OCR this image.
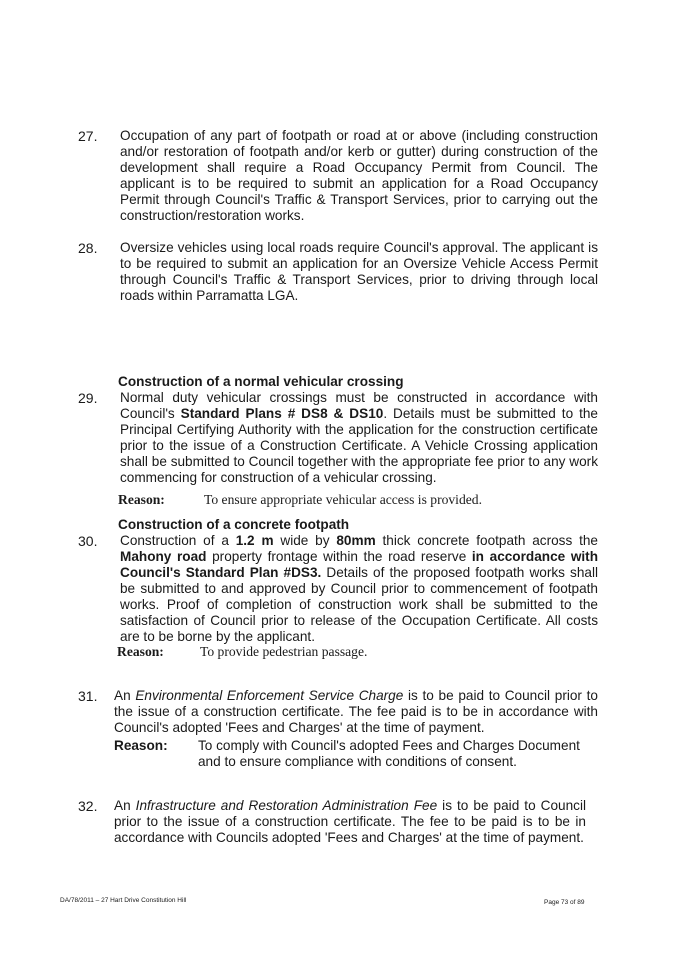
27. Occupation of any part of footpath or road at or above (including construction and/or restoration of footpath and/or kerb or gutter) during construction of the development shall require a Road Occupancy Permit from Council. The applicant is to be required to submit an application for a Road Occupancy Permit through Council's Traffic & Transport Services, prior to carrying out the construction/restoration works.
28. Oversize vehicles using local roads require Council's approval. The applicant is to be required to submit an application for an Oversize Vehicle Access Permit through Council's Traffic & Transport Services, prior to driving through local roads within Parramatta LGA.
Construction of a normal vehicular crossing
29. Normal duty vehicular crossings must be constructed in accordance with Council's Standard Plans # DS8 & DS10. Details must be submitted to the Principal Certifying Authority with the application for the construction certificate prior to the issue of a Construction Certificate. A Vehicle Crossing application shall be submitted to Council together with the appropriate fee prior to any work commencing for construction of a vehicular crossing.
Reason:	To ensure appropriate vehicular access is provided.
Construction of a concrete footpath
30. Construction of a 1.2 m wide by 80mm thick concrete footpath across the Mahony road property frontage within the road reserve in accordance with Council's Standard Plan #DS3. Details of the proposed footpath works shall be submitted to and approved by Council prior to commencement of footpath works. Proof of completion of construction work shall be submitted to the satisfaction of Council prior to release of the Occupation Certificate. All costs are to be borne by the applicant.
Reason:	To provide pedestrian passage.
31. An Environmental Enforcement Service Charge is to be paid to Council prior to the issue of a construction certificate. The fee paid is to be in accordance with Council's adopted 'Fees and Charges' at the time of payment.
Reason: To comply with Council's adopted Fees and Charges Document and to ensure compliance with conditions of consent.
32. An Infrastructure and Restoration Administration Fee is to be paid to Council prior to the issue of a construction certificate. The fee to be paid is to be in accordance with Councils adopted 'Fees and Charges' at the time of payment.
DA/78/2011 – 27 Hart Drive Constitution Hill	Page 73 of 89
